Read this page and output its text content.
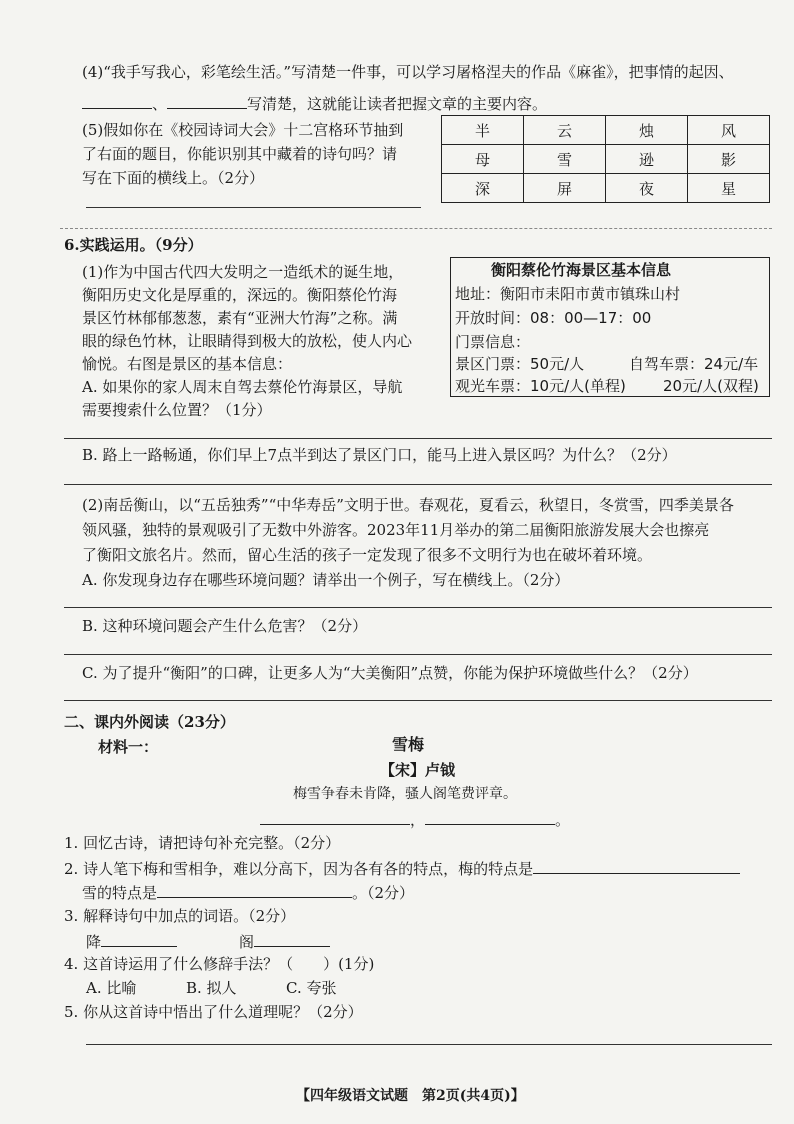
(4)“我手写我心，彩笔绘生活。”写清楚一件事，可以学习屠格涅夫的作品《麻雀》，把事情的起因、
、	写清楚，这就能让读者把握文章的主要内容。
(5)假如你在《校园诗词大会》十二宫格环节抽到
了右面的题目，你能识别其中藏着的诗句吗？请
写在下面的横线上。（2分）
半	云	烛	风
母	雪	逊	影
深	屏	夜	星
6.实践运用。（9分）
(1)作为中国古代四大发明之一造纸术的诞生地，
衡阳历史文化是厚重的，深远的。衡阳蔡伦竹海
景区竹林郁郁葱葱，素有“亚洲大竹海”之称。满
眼的绿色竹林，让眼睛得到极大的放松，使人内心
愉悦。右图是景区的基本信息：
A. 如果你的家人周末自驾去蔡伦竹海景区，导航
需要搜索什么位置？（1分）
衡阳蔡伦竹海景区基本信息
地址：衡阳市耒阳市黄市镇珠山村
开放时间：08：00—17：00
门票信息：
景区门票：50元/人	自驾车票：24元/车
观光车票：10元/人(单程) 20元/人(双程)
B. 路上一路畅通，你们早上7点半到达了景区门口，能马上进入景区吗？为什么？（2分）
(2)南岳衡山，以“五岳独秀”“中华寿岳”文明于世。春观花，夏看云，秋望日，冬赏雪，四季美景各
领风骚，独特的景观吸引了无数中外游客。2023年11月举办的第二届衡阳旅游发展大会也擦亮
了衡阳文旅名片。然而，留心生活的孩子一定发现了很多不文明行为也在破坏着环境。
A. 你发现身边存在哪些环境问题？请举出一个例子，写在横线上。（2分）
B. 这种环境问题会产生什么危害？（2分）
C. 为了提升“衡阳”的口碑，让更多人为“大美衡阳”点赞，你能为保护环境做些什么？（2分）
二、课内外阅读（23分）
材料一：	雪梅
【宋】卢钺
梅雪争春未肯降，骚人阁笔费评章。
，	。
1. 回忆古诗，请把诗句补充完整。（2分）
2. 诗人笔下梅和雪相争，难以分高下，因为各有各的特点，梅的特点是
雪的特点是	。（2分）
3. 解释诗句中加点的词语。（2分）
降	阁
4. 这首诗运用了什么修辞手法？（　　）(1分)
A. 比喻	B. 拟人	C. 夸张
5. 你从这首诗中悟出了什么道理呢？（2分）
【四年级语文试题　第2页(共4页)】
